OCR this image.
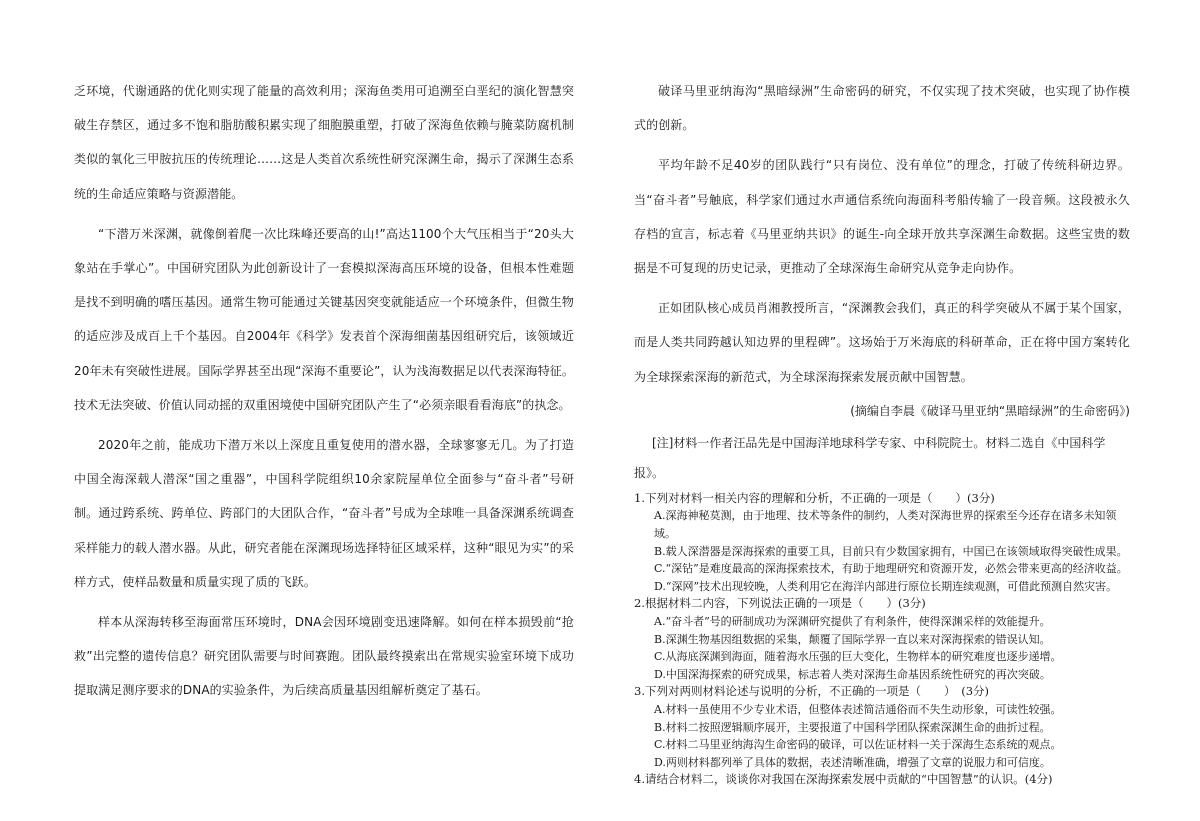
乏环境，代谢通路的优化则实现了能量的高效利用；深海鱼类用可追溯至白垩纪的演化智慧突破生存禁区，通过多不饱和脂肪酸积累实现了细胞膜重塑，打破了深海鱼依赖与腌菜防腐机制类似的氧化三甲胺抗压的传统理论……这是人类首次系统性研究深渊生命，揭示了深渊生态系统的生命适应策略与资源潜能。

“下潜万米深渊，就像倒着爬一次比珠峰还要高的山!”高达1100个大气压相当于“20头大象站在手掌心”。中国研究团队为此创新设计了一套模拟深海高压环境的设备，但根本性难题是找不到明确的嗜压基因。通常生物可能通过关键基因突变就能适应一个环境条件，但微生物的适应涉及成百上千个基因。自2004年《科学》发表首个深海细菌基因组研究后，该领域近20年未有突破性进展。国际学界甚至出现“深海不重要论”，认为浅海数据足以代表深海特征。技术无法突破、价值认同动摇的双重困境使中国研究团队产生了“必须亲眼看看海底”的执念。

2020年之前，能成功下潜万米以上深度且重复使用的潜水器，全球寥寥无几。为了打造中国全海深载人潜深“国之重器”，中国科学院组织10余家院屋单位全面参与“奋斗者”号研制。通过跨系统、跨单位、跨部门的大团队合作，“奋斗者”号成为全球唯一具备深渊系统调查采样能力的载人潜水器。从此，研究者能在深渊现场选择特征区域采样，这种“眼见为实”的采样方式，使样品数量和质量实现了质的飞跃。

样本从深海转移至海面常压环境时，DNA会因环境剧变迅速降解。如何在样本损毁前“抢救”出完整的遗传信息？研究团队需要与时间赛跑。团队最终摸索出在常规实验室环境下成功提取满足测序要求的DNA的实验条件，为后续高质量基因组解析奠定了基石。

破译马里亚纳海沟“黑暗绿洲”生命密码的研究，不仅实现了技术突破，也实现了协作模式的创新。

平均年龄不足40岁的团队践行“只有岗位、没有单位”的理念，打破了传统科研边界。当“奋斗者”号触底，科学家们通过水声通信系统向海面科考船传输了一段音频。这段被永久存档的宣言，标志着《马里亚纳共识》的诞生-向全球开放共享深渊生命数据。这些宝贵的数据是不可复现的历史记录，更推动了全球深海生命研究从竞争走向协作。

正如团队核心成员肖湘教授所言，“深渊教会我们，真正的科学突破从不属于某个国家，而是人类共同跨越认知边界的里程碑”。这场始于万米海底的科研革命，正在将中国方案转化为全球探索深海的新范式，为全球深海探索发展贡献中国智慧。

(摘编自李晨《破译马里亚纳“黑暗绿洲”的生命密码》)

[注]材料一作者汪品先是中国海洋地球科学专家、中科院院士。材料二选自《中国科学报》。

1.下列对材料一相关内容的理解和分析，不正确的一项是（　　）(3分)

A.深海神秘莫测，由于地理、技术等条件的制约，人类对深海世界的探索至今还存在诸多未知领域。

B.载人深潜器是深海探索的重要工具，目前只有少数国家拥有，中国已在该领域取得突破性成果。

C.“深钻”是难度最高的深海探索技术，有助于地理研究和资源开发，必然会带来更高的经济收益。

D.“深网”技术出现较晚，人类利用它在海洋内部进行原位长期连续观测，可借此预测自然灾害。

2.根据材料二内容，下列说法正确的一项是（　　）(3分)

A.“奋斗者”号的研制成功为深渊研究提供了有利条件，使得深渊采样的效能提升。

B.深渊生物基因组数据的采集，颠覆了国际学界一直以来对深海探索的错误认知。

C.从海底深渊到海面，随着海水压强的巨大变化，生物样本的研究难度也逐步递增。

D.中国深海探索的研究成果，标志着人类对深海生命基因系统性研究的再次突破。

3.下列对两则材料论述与说明的分析，不正确的一项是（　　）　(3分)

A.材料一虽使用不少专业术语，但整体表述简洁通俗而不失生动形象，可读性较强。

B.材料二按照逻辑顺序展开，主要报道了中国科学团队探索深渊生命的曲折过程。

C.材料二马里亚纳海沟生命密码的破译，可以佐证材料一关于深海生态系统的观点。

D.两则材料都列举了具体的数据，表述清晰准确，增强了文章的说服力和可信度。

4.请结合材料二，谈谈你对我国在深海探索发展中贡献的“中国智慧”的认识。(4分)
